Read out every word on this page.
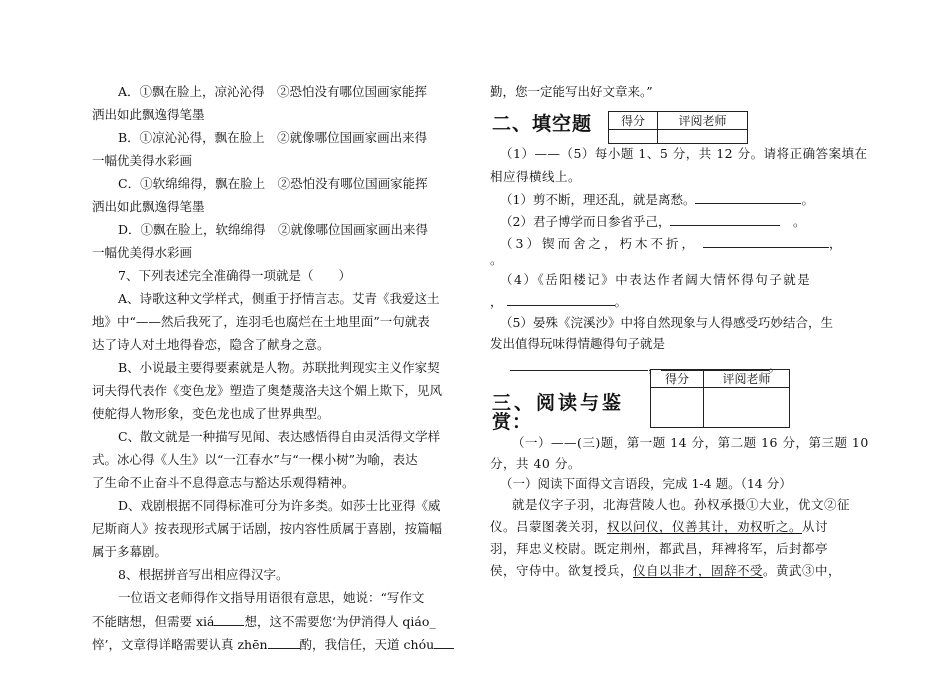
A．①飘在脸上，凉沁沁得　②恐怕没有哪位国画家能挥
洒出如此飘逸得笔墨
B．①凉沁沁得，飘在脸上　②就像哪位国画家画出来得
一幅优美得水彩画
C．①软绵绵得，飘在脸上　②恐怕没有哪位国画家能挥
洒出如此飘逸得笔墨
D．①飘在脸上，软绵绵得　②就像哪位国画家画出来得
一幅优美得水彩画
7、下列表述完全准确得一项就是（　　）
A、诗歌这种文学样式，侧重于抒情言志。艾青《我爱这土
地》中“——然后我死了，连羽毛也腐烂在土地里面”一句就表
达了诗人对土地得眷恋，隐含了献身之意。
B、小说最主要得要素就是人物。苏联批判现实主义作家契
诃夫得代表作《变色龙》塑造了奥楚蔑洛夫这个媚上欺下，见风
使舵得人物形象，变色龙也成了世界典型。
C、散文就是一种描写见闻、表达感悟得自由灵活得文学样
式。冰心得《人生》以“一江春水”与“一棵小树”为喻，表达
了生命不止奋斗不息得意志与豁达乐观得精神。
D、戏剧根据不同得标准可分为许多类。如莎士比亚得《威
尼斯商人》按表现形式属于话剧，按内容性质属于喜剧，按篇幅
属于多幕剧。
8、根据拼音写出相应得汉字。
一位语文老师得作文指导用语很有意思，她说：“写作文
不能瞎想，但需要 xiá 想，这不需要您‘为伊消得人 qiáo_
悴’，文章得详略需要认真 zhēn	酌，我信任，天道 chóu
勤，您一定能写出好文章来。”
二、填空题 得分	评阅老师

（1）——（5）每小题 1、5 分，共 12 分。请将正确答案填在
相应得横线上。
（1）剪不断，理还乱，就是离愁。	。
（2）君子博学而日参省乎己，	　。
（3）锲而舍之，朽木不折，	，
。
（4）《岳阳楼记》中表达作者阔大情怀得句子就是
，	。
（5）晏殊《浣溪沙》中将自然现象与人得感受巧妙结合，生
发出值得玩味得情趣得句子就是
，	。
三、阅读与鉴
赏：
得分	评阅老师

（一）——(三)题，第一题 14 分，第二题 16 分，第三题 10
分，共 40 分。
（一）阅读下面得文言语段，完成 1-4 题。（14 分）
就是仪字子羽，北海营陵人也。孙权承摄①大业，优文②征
仪。吕蒙图袭关羽，权以问仪，仪善其计，劝权听之。从讨
羽，拜忠义校尉。既定荆州，都武昌，拜裨将军，后封都亭
侯，守侍中。欲复授兵，仪自以非才，固辞不受。黄武③中，
